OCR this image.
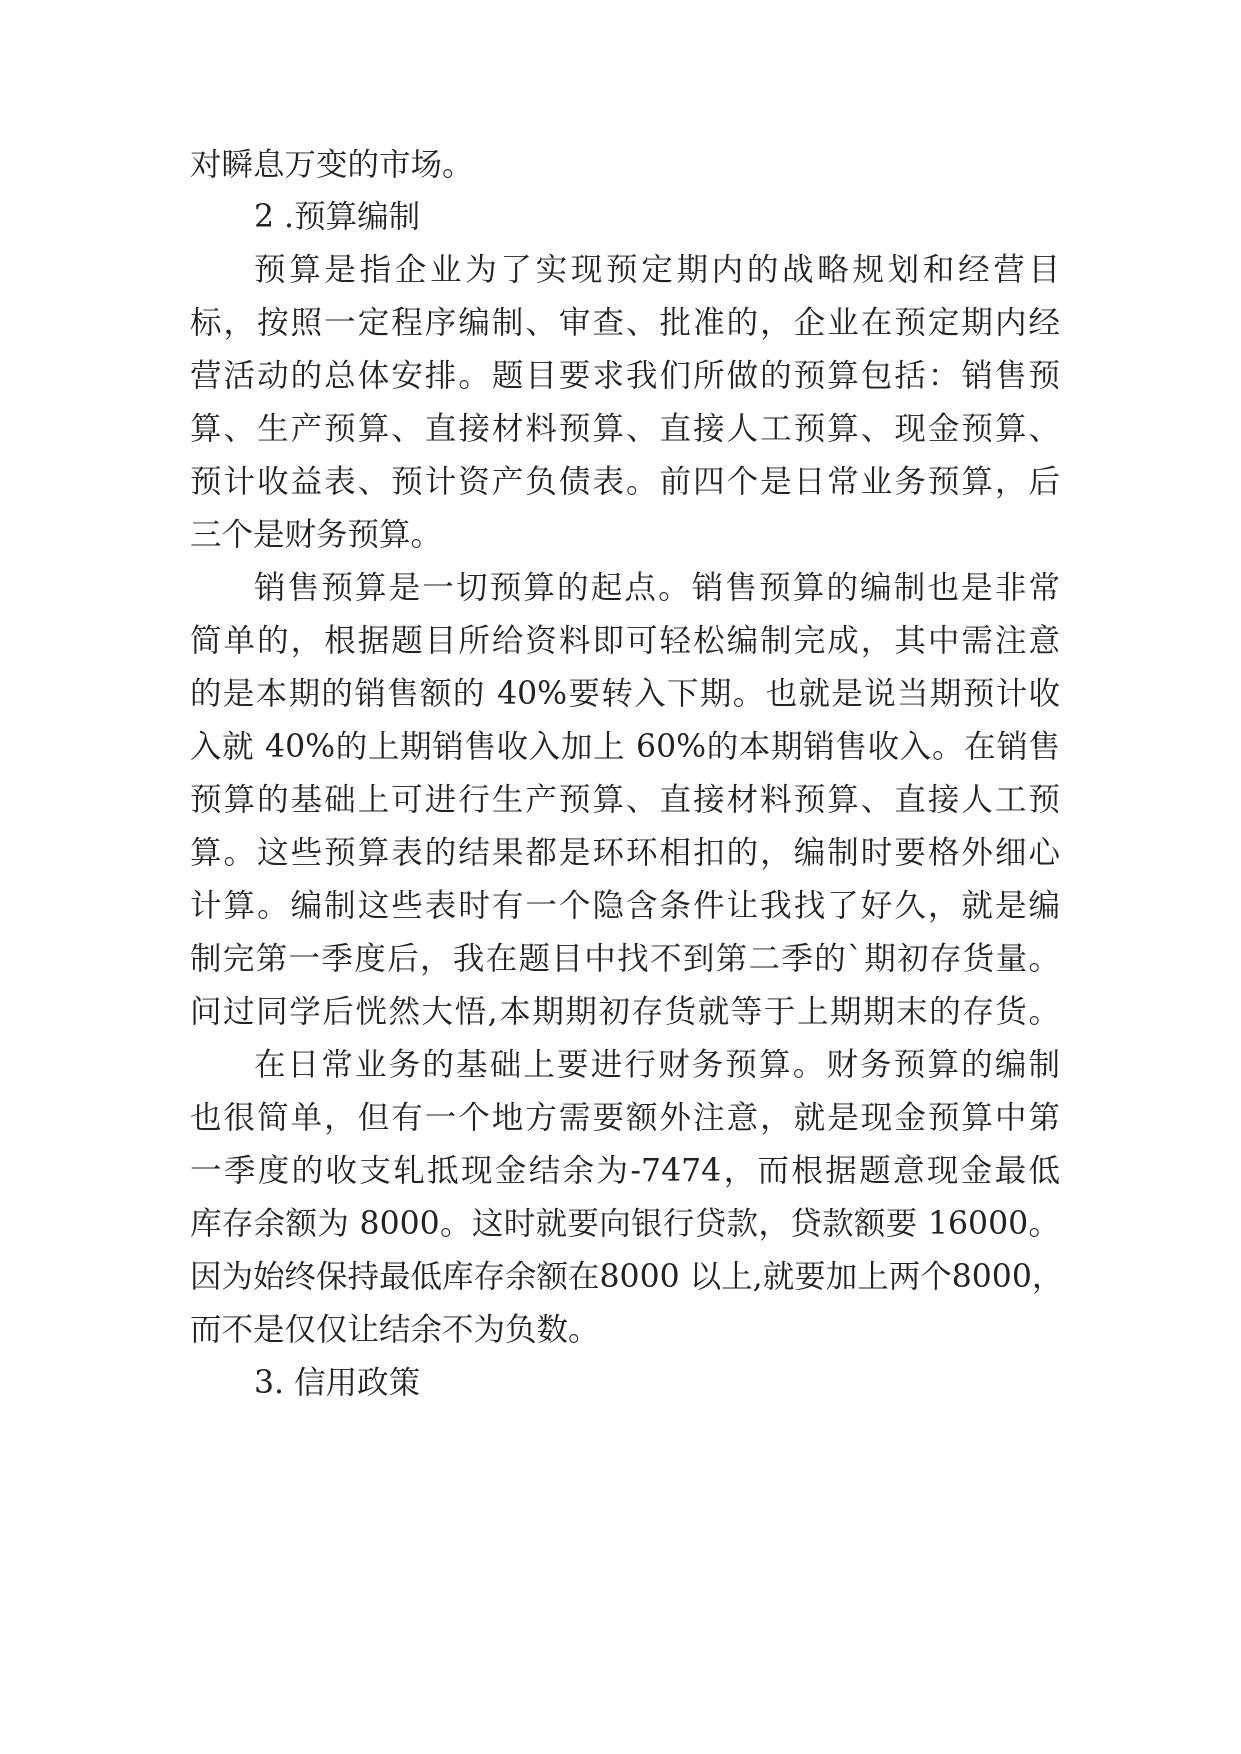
对瞬息万变的市场。
2 .预算编制
预算是指企业为了实现预定期内的战略规划和经营目
标，按照一定程序编制、审查、批准的，企业在预定期内经
营活动的总体安排。题目要求我们所做的预算包括：销售预
算、生产预算、直接材料预算、直接人工预算、现金预算、
预计收益表、预计资产负债表。前四个是日常业务预算，后
三个是财务预算。
销售预算是一切预算的起点。销售预算的编制也是非常
简单的，根据题目所给资料即可轻松编制完成，其中需注意
的是本期的销售额的 40%要转入下期。也就是说当期预计收
入就 40%的上期销售收入加上 60%的本期销售收入。在销售
预算的基础上可进行生产预算、直接材料预算、直接人工预
算。这些预算表的结果都是环环相扣的，编制时要格外细心
计算。编制这些表时有一个隐含条件让我找了好久，就是编
制完第一季度后，我在题目中找不到第二季的`期初存货量。
问过同学后恍然大悟,本期期初存货就等于上期期末的存货。
在日常业务的基础上要进行财务预算。财务预算的编制
也很简单，但有一个地方需要额外注意，就是现金预算中第
一季度的收支轧抵现金结余为-7474，而根据题意现金最低
库存余额为 8000。这时就要向银行贷款，贷款额要 16000。
因为始终保持最低库存余额在8000 以上,就要加上两个8000，
而不是仅仅让结余不为负数。
3. 信用政策
